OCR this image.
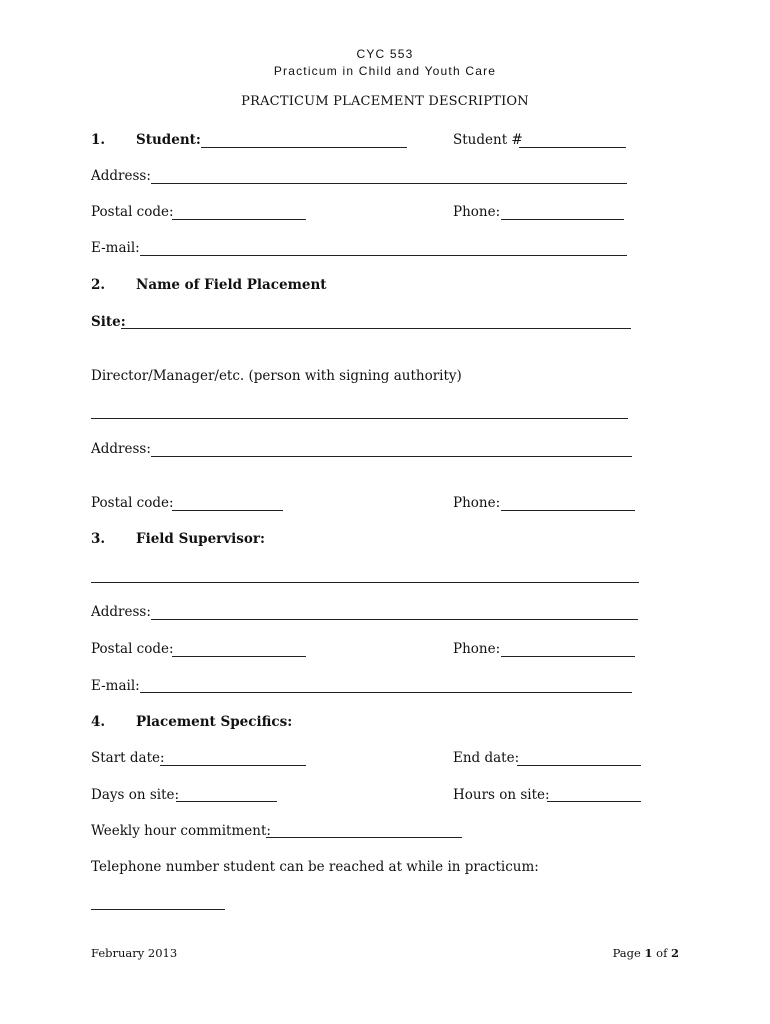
CYC 553
Practicum in Child and Youth Care
PRACTICUM PLACEMENT DESCRIPTION
1. Student:	Student #
Address:
Postal code:	Phone:
E-mail:
2. Name of Field Placement
Site:
Director/Manager/etc. (person with signing authority)
Address:
Postal code:	Phone:
3. Field Supervisor:
Address:
Postal code:	Phone:
E-mail:
4. Placement Specifics:
Start date:	End date:
Days on site:	Hours on site:
Weekly hour commitment:
Telephone number student can be reached at while in practicum:
February 2013	Page 1 of 2
